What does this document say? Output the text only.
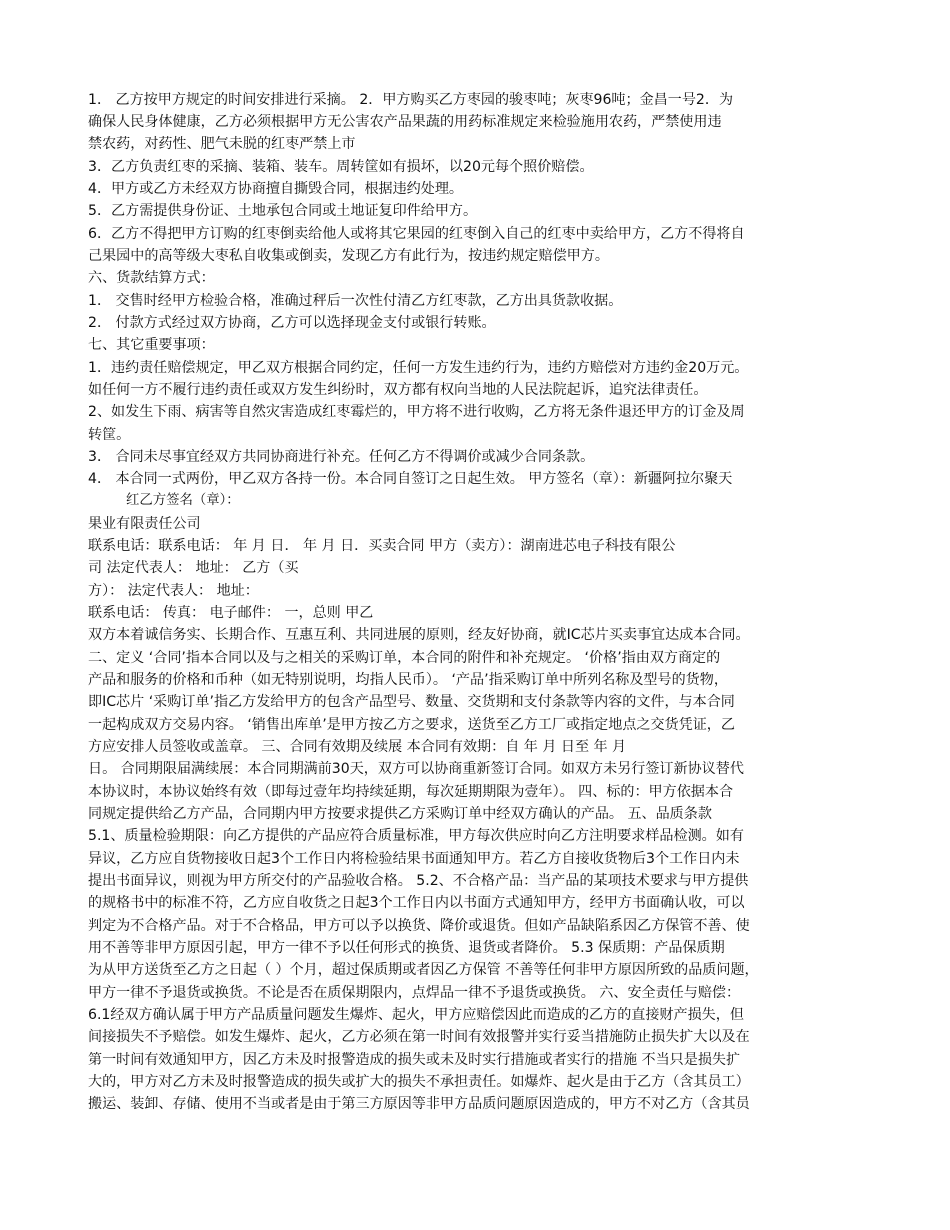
1． 乙方按甲方规定的时间安排进行采摘。 2．甲方购买乙方枣园的骏枣吨；灰枣96吨；金昌一号2．为
确保人民身体健康，乙方必须根据甲方无公害农产品果蔬的用药标准规定来检验施用农药，严禁使用违
禁农药，对药性、肥气未脱的红枣严禁上市
3．乙方负责红枣的采摘、装箱、装车。周转筐如有损坏，以20元每个照价赔偿。
4．甲方或乙方未经双方协商擅自撕毁合同，根据违约处理。
5．乙方需提供身份证、土地承包合同或土地证复印件给甲方。
6．乙方不得把甲方订购的红枣倒卖给他人或将其它果园的红枣倒入自己的红枣中卖给甲方，乙方不得将自
己果园中的高等级大枣私自收集或倒卖，发现乙方有此行为，按违约规定赔偿甲方。
六、货款结算方式：
1． 交售时经甲方检验合格，准确过秤后一次性付清乙方红枣款，乙方出具货款收据。
2． 付款方式经过双方协商，乙方可以选择现金支付或银行转账。
七、其它重要事项：
1．违约责任赔偿规定，甲乙双方根据合同约定，任何一方发生违约行为，违约方赔偿对方违约金20万元。
如任何一方不履行违约责任或双方发生纠纷时，双方都有权向当地的人民法院起诉，追究法律责任。
2、如发生下雨、病害等自然灾害造成红枣霉烂的，甲方将不进行收购，乙方将无条件退还甲方的订金及周
转筐。
3． 合同未尽事宜经双方共同协商进行补充。任何乙方不得调价或减少合同条款。
4． 本合同一式两份，甲乙双方各持一份。本合同自签订之日起生效。 甲方签名（章）：新疆阿拉尔聚天
红乙方签名（章）：
果业有限责任公司
联系电话：联系电话： 年 月 日． 年 月 日．买卖合同 甲方（卖方）：湖南进芯电子科技有限公
司 法定代表人： 地址： 乙方（买
方）： 法定代表人： 地址：
联系电话： 传真： 电子邮件： 一，总则 甲乙
双方本着诚信务实、长期合作、互惠互利、共同进展的原则，经友好协商，就IC芯片买卖事宜达成本合同。
二、定义 ‘合同’指本合同以及与之相关的采购订单，本合同的附件和补充规定。 ‘价格’指由双方商定的
产品和服务的价格和币种（如无特别说明，均指人民币）。 ‘产品’指采购订单中所列名称及型号的货物，
即IC芯片 ‘采购订单’指乙方发给甲方的包含产品型号、数量、交货期和支付条款等内容的文件，与本合同
一起构成双方交易内容。 ‘销售出库单’是甲方按乙方之要求，送货至乙方工厂或指定地点之交货凭证，乙
方应安排人员签收或盖章。 三、合同有效期及续展 本合同有效期：自 年 月 日至 年 月
日。 合同期限届满续展：本合同期满前30天，双方可以协商重新签订合同。如双方未另行签订新协议替代
本协议时，本协议始终有效（即每过壹年均持续延期，每次延期期限为壹年）。 四、标的：甲方依据本合
同规定提供给乙方产品，合同期内甲方按要求提供乙方采购订单中经双方确认的产品。 五、品质条款
5.1、质量检验期限：向乙方提供的产品应符合质量标准，甲方每次供应时向乙方注明要求样品检测。如有
异议，乙方应自货物接收日起3个工作日内将检验结果书面通知甲方。若乙方自接收货物后3个工作日内未
提出书面异议，则视为甲方所交付的产品验收合格。 5.2、不合格产品：当产品的某项技术要求与甲方提供
的规格书中的标准不符，乙方应自收货之日起3个工作日内以书面方式通知甲方，经甲方书面确认收，可以
判定为不合格产品。对于不合格品，甲方可以予以换货、降价或退货。但如产品缺陷系因乙方保管不善、使
用不善等非甲方原因引起，甲方一律不予以任何形式的换货、退货或者降价。 5.3 保质期：产品保质期
为从甲方送货至乙方之日起（ ）个月，超过保质期或者因乙方保管 不善等任何非甲方原因所致的品质问题，
甲方一律不予退货或换货。不论是否在质保期限内，点焊品一律不予退货或换货。 六、安全责任与赔偿：
6.1经双方确认属于甲方产品质量问题发生爆炸、起火，甲方应赔偿因此而造成的乙方的直接财产损失，但
间接损失不予赔偿。如发生爆炸、起火，乙方必须在第一时间有效报警并实行妥当措施防止损失扩大以及在
第一时间有效通知甲方，因乙方未及时报警造成的损失或未及时实行措施或者实行的措施 不当只是损失扩
大的，甲方对乙方未及时报警造成的损失或扩大的损失不承担责任。如爆炸、起火是由于乙方（含其员工）
搬运、装卸、存储、使用不当或者是由于第三方原因等非甲方品质问题原因造成的，甲方不对乙方（含其员
